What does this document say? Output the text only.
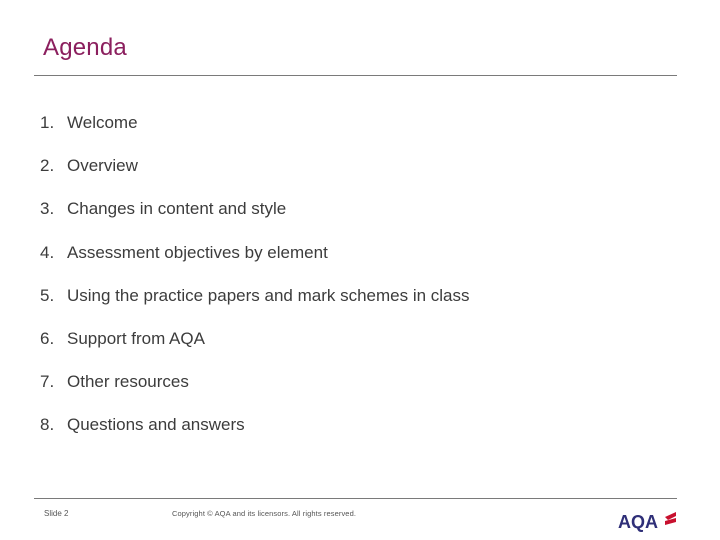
Agenda
1. Welcome
2. Overview
3. Changes in content and style
4. Assessment objectives by element
5. Using the practice papers and mark schemes in class
6. Support from AQA
7. Other resources
8. Questions and answers
Slide 2	Copyright © AQA and its licensors. All rights reserved.	AQA
